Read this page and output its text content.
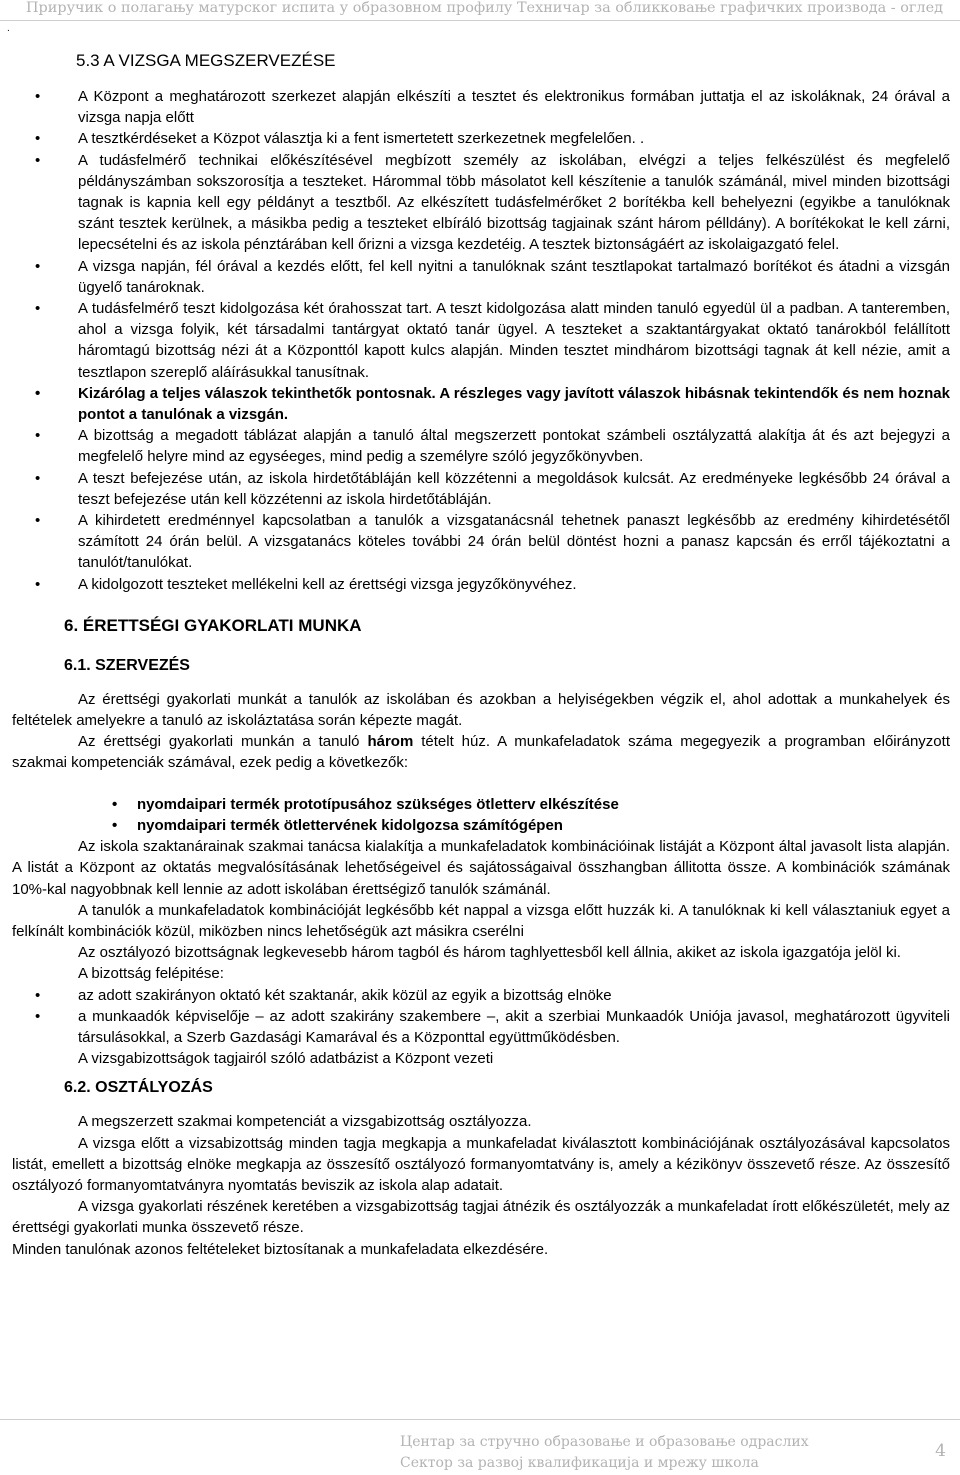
Приручик о полагању матурског испита у образовном профилу Техничар за обликковање графичких производа - оглед
.
5.3 A VIZSGA MEGSZERVEZÉSE
• A Központ a meghatározott szerkezet alapján elkészíti a tesztet és elektronikus formában juttatja el az iskoláknak, 24 órával a vizsga napja előtt
• A tesztkérdéseket a Közpot választja ki a fent ismertetett szerkezetnek megfelelően. .
• A tudásfelmérő technikai előkészítésével megbízott személy az iskolában, elvégzi a teljes felkészülést és megfelelő példányszámban sokszorosítja a teszteket. Hárommal több másolatot kell készítenie a tanulók számánál, mivel minden bizottsági tagnak is kapnia kell egy példányt a tesztből. Az elkészített tudásfelmérőket 2 borítékba kell behelyezni (egyikbe a tanulóknak szánt tesztek kerülnek, a másikba pedig a teszteket elbíráló bizottság tagjainak szánt három pélldány). A borítékokat le kell zárni, lepecsételni és az iskola pénztárában kell őrizni a vizsga kezdetéig. A tesztek biztonságáért az iskolaigazgató felel.
• A vizsga napján, fél órával a kezdés előtt, fel kell nyitni a tanulóknak szánt tesztlapokat tartalmazó borítékot és átadni a vizsgán ügyelő tanároknak.
• A tudásfelmérő teszt kidolgozása két órahosszat tart. A teszt kidolgozása alatt minden tanuló egyedül ül a padban. A tanteremben, ahol a vizsga folyik, két társadalmi tantárgyat oktató tanár ügyel. A teszteket a szaktantárgyakat oktató tanárokból felállított háromtagú bizottság nézi át a Központtól kapott kulcs alapján. Minden tesztet mindhárom bizottsági tagnak át kell nézie, amit a tesztlapon szereplő aláírásukkal tanusítnak.
• Kizárólag a teljes válaszok tekinthetők pontosnak. A részleges vagy javított válaszok hibásnak tekintendők és nem hoznak pontot a tanulónak a vizsgán.
• A bizottság a megadott táblázat alapján a tanuló által megszerzett pontokat számbeli osztályzattá alakítja át és azt bejegyzi a megfelelő helyre mind az egyséeges, mind pedig a személyre szóló jegyzőkönyvben.
• A teszt befejezése után, az iskola hirdetőtábláján kell közzétenni a megoldások kulcsát. Az eredményeke legkésőbb 24 órával a teszt befejezése után kell közzétenni az iskola hirdetőtábláján.
• A kihirdetett eredménnyel kapcsolatban a tanulók a vizsgatanácsnál tehetnek panaszt legkésőbb az eredmény kihirdetésétől számított 24 órán belül. A vizsgatanács köteles további 24 órán belül döntést hozni a panasz kapcsán és erről tájékoztatni a tanulót/tanulókat.
• A kidolgozott teszteket mellékelni kell az érettségi vizsga jegyzőkönyvéhez.
6. ÉRETTSÉGI GYAKORLATI MUNKA
6.1. SZERVEZÉS

Az érettségi gyakorlati munkát a tanulók az iskolában és azokban a helyiségekben végzik el, ahol adottak a munkahelyek és feltételek amelyekre a tanuló az iskoláztatása során képezte magát.

Az érettségi gyakorlati munkán a tanuló három tételt húz. A munkafeladatok száma megegyezik a programban előirányzott szakmai kompetenciák számával, ezek pedig a következők:

• nyomdaipari termék prototípusához szükséges ötletterv elkészítése
• nyomdaipari termék ötlettervének kidolgozsa számítógépen

Az iskola szaktanárainak szakmai tanácsa kialakítja a munkafeladatok kombinációinak listáját a Központ által javasolt lista alapján. A listát a Központ az oktatás megvalósításának lehetőségeivel és sajátosságaival összhangban állitotta össze. A kombinációk számának 10%-kal nagyobbnak kell lennie az adott iskolában érettségiző tanulók számánál.

A tanulók a munkafeladatok kombinációját legkésőbb két nappal a vizsga előtt huzzák ki. A tanulóknak ki kell választaniuk egyet a felkínált kombinációk közül, miközben nincs lehetőségük azt másikra cserélni

Az osztályozó bizottságnak legkevesebb három tagból és három taghlyettesből kell állnia, akiket az iskola igazgatója jelöl ki.

A bizottság felépitése:

• az adott szakirányon oktató két szaktanár, akik közül az egyik a bizottság elnöke
• a munkaadók képviselője – az adott szakirány szakembere –, akit a szerbiai Munkaadók Uniója javasol, meghatározott ügyviteli társulásokkal, a Szerb Gazdasági Kamarával és a Központtal együttműködésben.

A vizsgabizottságok tagjairól szóló adatbázist a Központ vezeti

6.2. OSZTÁLYOZÁS

A megszerzett szakmai kompetenciát a vizsgabizottság osztályozza.

A vizsga előtt a vizsabizottság minden tagja megkapja a munkafeladat kiválasztott kombinációjának osztályozásával kapcsolatos listát, emellett a bizottság elnöke megkapja az összesítő osztályozó formanyomtatvány is, amely a kézikönyv összevető része. Az összesítő osztályozó formanyomtatványra nyomtatás beviszik az iskola alap adatait.

A vizsga gyakorlati részének keretében a vizsgabizottság tagjai átnézik és osztályozzák a munkafeladat írott előkészületét, mely az érettségi gyakorlati munka összevető része.

Minden tanulónak azonos feltételeket biztosítanak a munkafeladata elkezdésére.

Центар за стручно образовање и образовање одраслих
Сектор за развој квалификација и мрежу школа
4
